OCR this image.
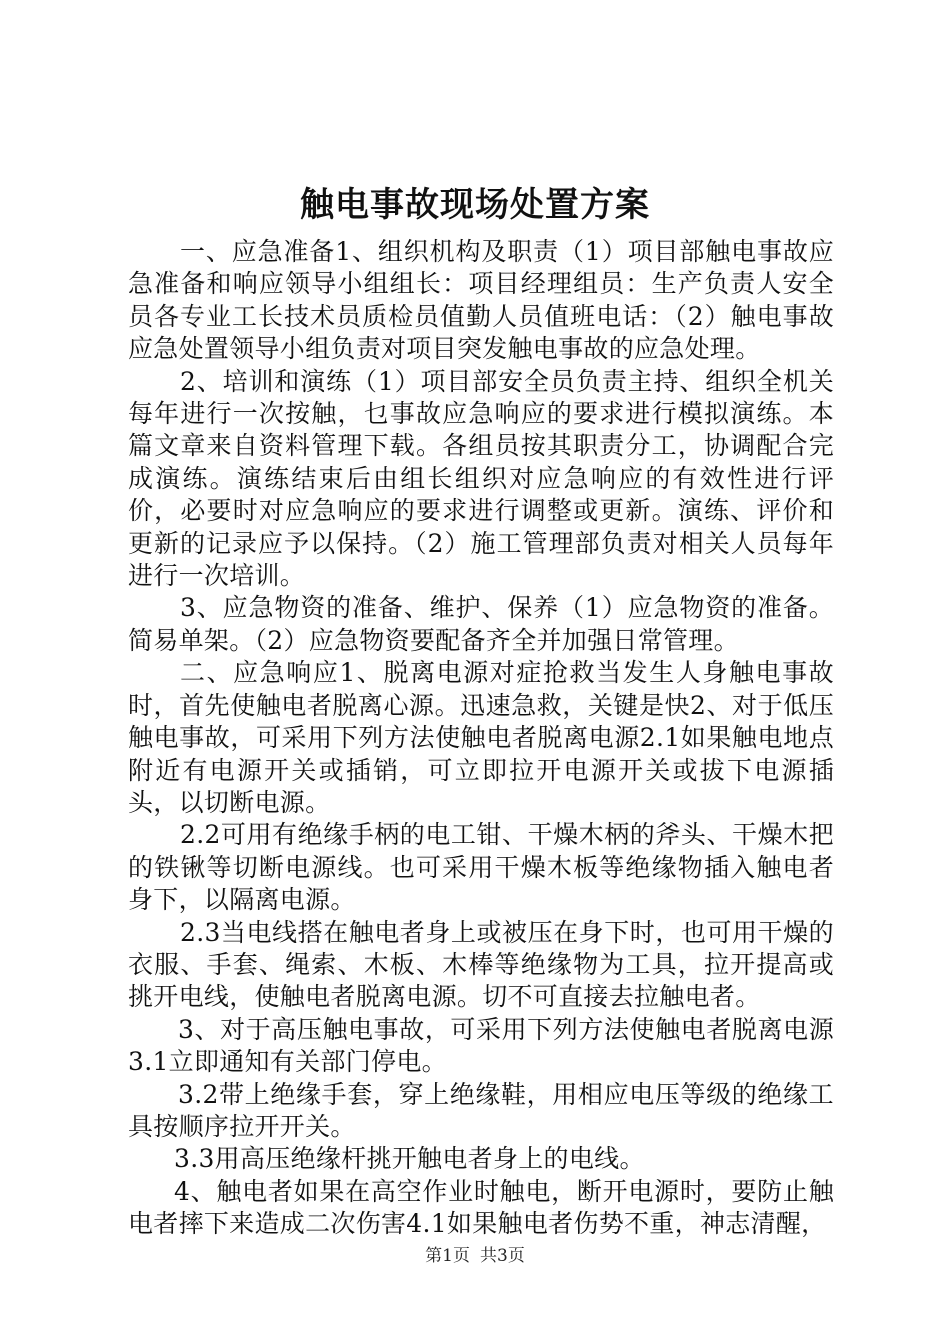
触电事故现场处置方案

一、应急准备1、组织机构及职责（1）项目部触电事故应急准备和响应领导小组组长：项目经理组员：生产负责人安全员各专业工长技术员质检员值勤人员值班电话：（2）触电事故应急处置领导小组负责对项目突发触电事故的应急处理。

2、培训和演练（1）项目部安全员负责主持、组织全机关每年进行一次按触，乜事故应急响应的要求进行模拟演练。本篇文章来自资料管理下载。各组员按其职责分工，协调配合完成演练。演练结束后由组长组织对应急响应的有效性进行评价，必要时对应急响应的要求进行调整或更新。演练、评价和更新的记录应予以保持。（2）施工管理部负责对相关人员每年进行一次培训。

3、应急物资的准备、维护、保养（1）应急物资的准备。简易单架。（2）应急物资要配备齐全并加强日常管理。

二、应急响应1、脱离电源对症抢救当发生人身触电事故时，首先使触电者脱离心源。迅速急救，关键是快2、对于低压触电事故，可采用下列方法使触电者脱离电源2.1如果触电地点附近有电源开关或插销，可立即拉开电源开关或拔下电源插头，以切断电源。

2.2可用有绝缘手柄的电工钳、干燥木柄的斧头、干燥木把的铁锹等切断电源线。也可采用干燥木板等绝缘物插入触电者身下，以隔离电源。

2.3当电线搭在触电者身上或被压在身下时，也可用干燥的衣服、手套、绳索、木板、木棒等绝缘物为工具，拉开提高或挑开电线，使触电者脱离电源。切不可直接去拉触电者。

3、对于高压触电事故，可采用下列方法使触电者脱离电源3.1立即通知有关部门停电。

3.2带上绝缘手套，穿上绝缘鞋，用相应电压等级的绝缘工具按顺序拉开开关。

3.3用高压绝缘杆挑开触电者身上的电线。

4、触电者如果在高空作业时触电，断开电源时，要防止触电者摔下来造成二次伤害4.1如果触电者伤势不重，神志清醒，

第1页 共3页
